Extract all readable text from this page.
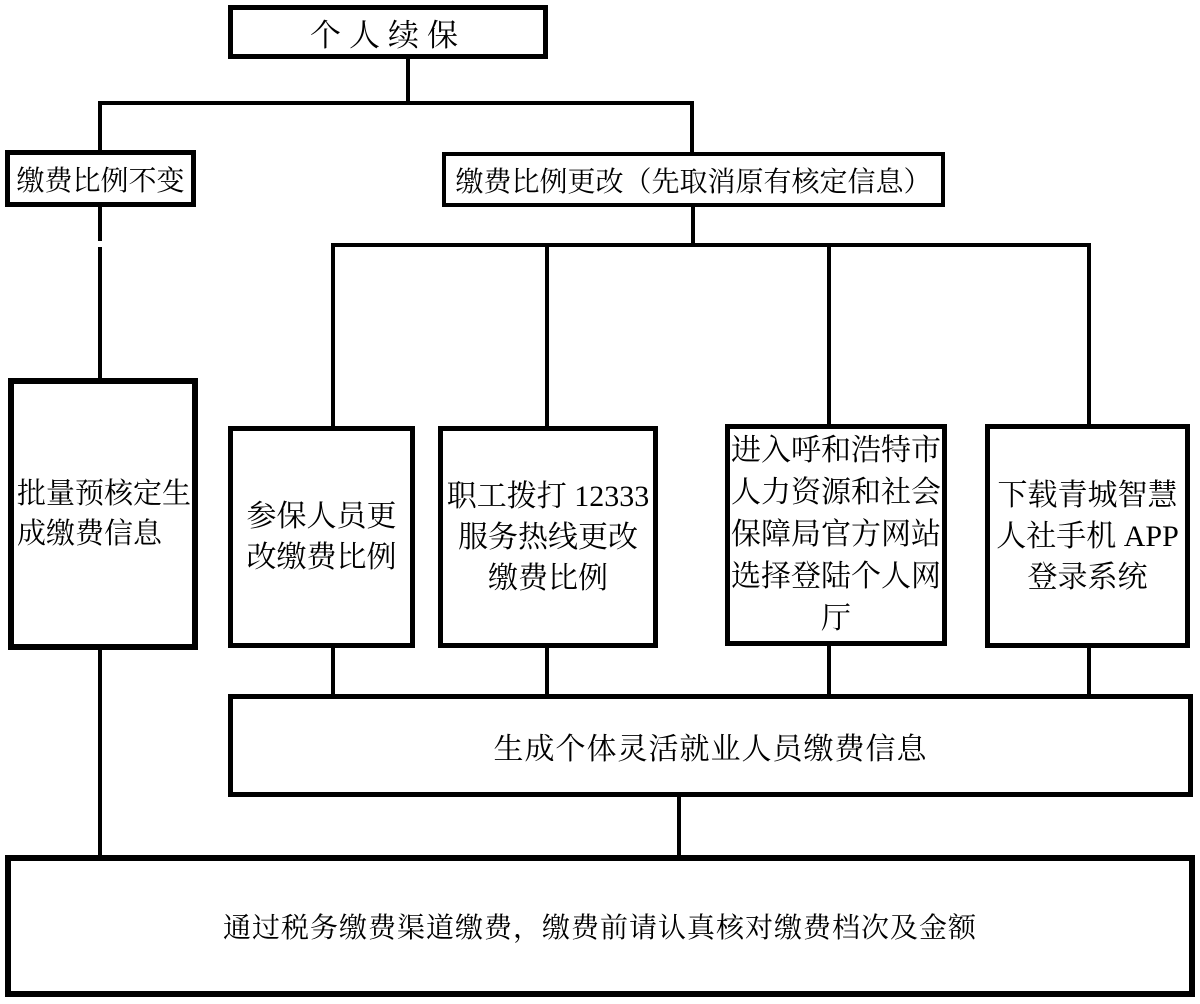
个人续保
缴费比例不变	缴费比例更改（先取消原有核定信息）
批量预核定生
成缴费信息
参保人员更
改缴费比例
职工拨打 12333
服务热线更改
缴费比例
进入呼和浩特市
人力资源和社会
保障局官方网站
选择登陆个人网
厅
下载青城智慧
人社手机 APP
登录系统
生成个体灵活就业人员缴费信息
通过税务缴费渠道缴费，缴费前请认真核对缴费档次及金额
